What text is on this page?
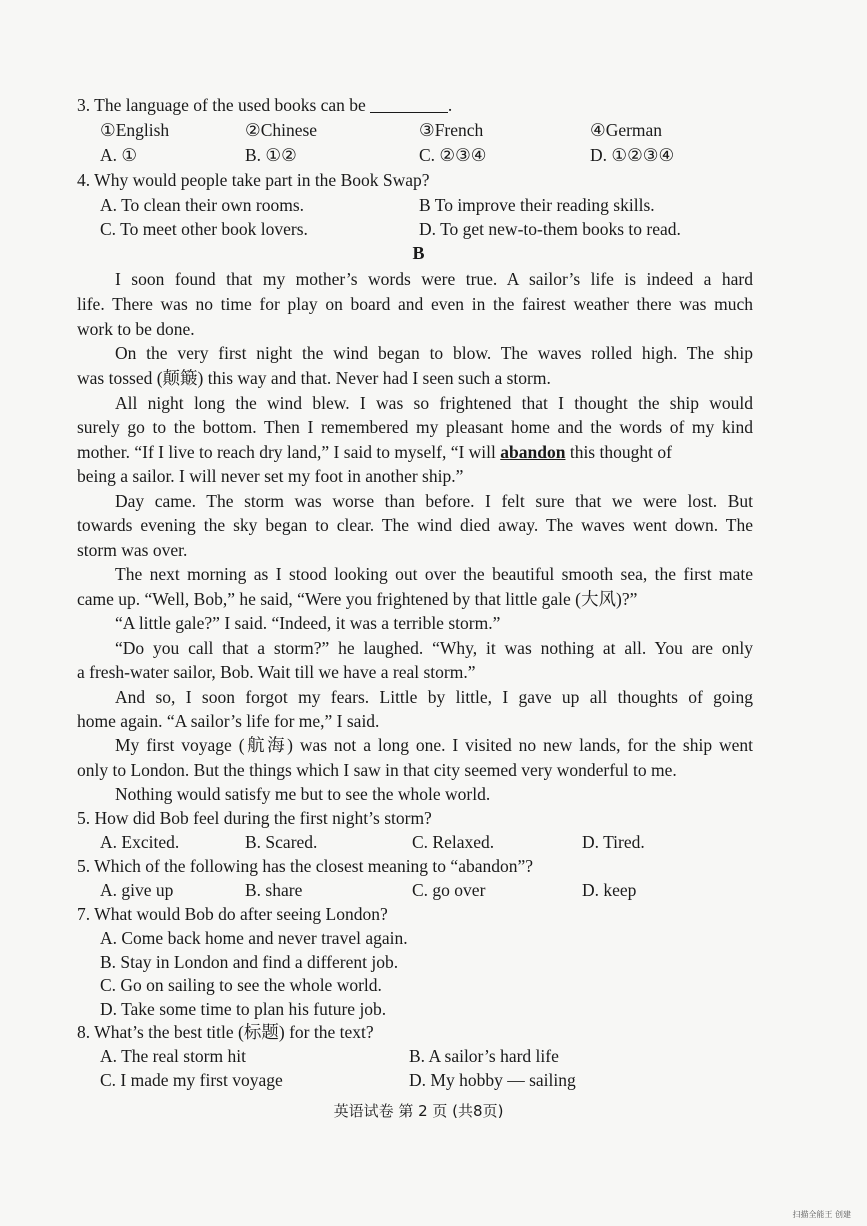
3. The language of the used books can be	.
①English	②Chinese	③French	④German
A. ①	B. ①②	C. ②③④	D. ①②③④
4. Why would people take part in the Book Swap?
A. To clean their own rooms.	B To improve their reading skills.
C. To meet other book lovers.	D. To get new-to-them books to read.
B
I soon found that my mother’s words were true. A sailor’s life is indeed a hard
life. There was no time for play on board and even in the fairest weather there was much
work to be done.
On the very first night the wind began to blow. The waves rolled high. The ship
was tossed (颠簸) this way and that. Never had I seen such a storm.
All night long the wind blew. I was so frightened that I thought the ship would
surely go to the bottom. Then I remembered my pleasant home and the words of my kind
mother. “If I live to reach dry land,” I said to myself, “I will abandon this thought of
being a sailor. I will never set my foot in another ship.”
Day came. The storm was worse than before. I felt sure that we were lost. But
towards evening the sky began to clear. The wind died away. The waves went down. The
storm was over.
The next morning as I stood looking out over the beautiful smooth sea, the first mate
came up. “Well, Bob,” he said, “Were you frightened by that little gale (大风)?”
“A little gale?” I said. “Indeed, it was a terrible storm.”
“Do you call that a storm?” he laughed. “Why, it was nothing at all. You are only
a fresh-water sailor, Bob. Wait till we have a real storm.”
And so, I soon forgot my fears. Little by little, I gave up all thoughts of going
home again. “A sailor’s life for me,” I said.
My first voyage (航海) was not a long one. I visited no new lands, for the ship went
only to London. But the things which I saw in that city seemed very wonderful to me.
Nothing would satisfy me but to see the whole world.
5. How did Bob feel during the first night’s storm?
A. Excited.	B. Scared.	C. Relaxed.	D. Tired.
5. Which of the following has the closest meaning to “abandon”?
A. give up	B. share	C. go over	D. keep
7. What would Bob do after seeing London?
A. Come back home and never travel again.
B. Stay in London and find a different job.
C. Go on sailing to see the whole world.
D. Take some time to plan his future job.
8. What’s the best title (标题) for the text?
A. The real storm hit	B. A sailor’s hard life
C. I made my first voyage	D. My hobby — sailing
英语试卷 第 2 页 (共8页)
扫描全能王 创建
